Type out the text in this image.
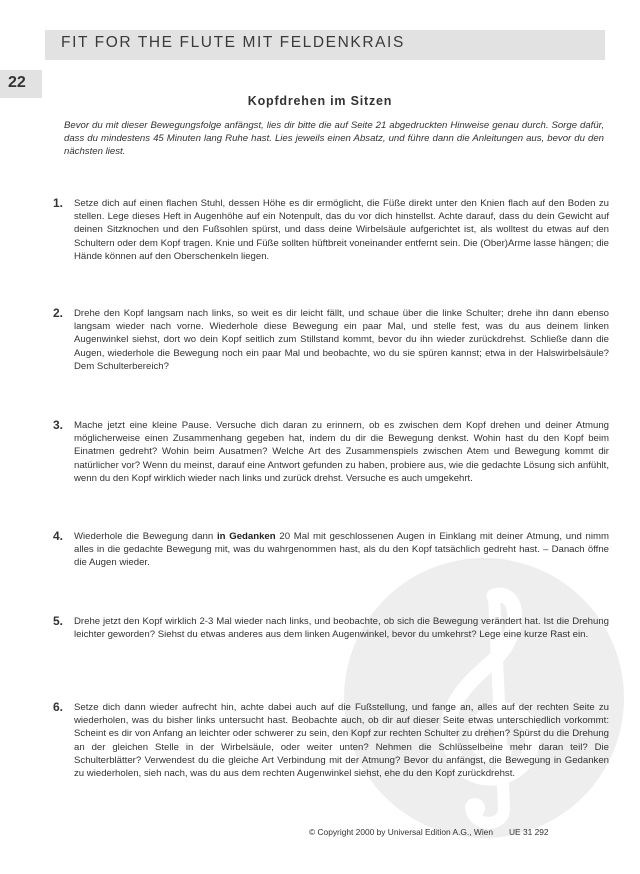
FIT FOR THE FLUTE MIT FELDENKRAIS
22
Kopfdrehen im Sitzen

Bevor du mit dieser Bewegungsfolge anfängst, lies dir bitte die auf Seite 21 abgedruckten Hinweise genau durch. Sorge dafür, dass du mindestens 45 Minuten lang Ruhe hast. Lies jeweils einen Absatz, und führe dann die Anleitungen aus, bevor du den nächsten liest.

1. Setze dich auf einen flachen Stuhl, dessen Höhe es dir ermöglicht, die Füße direkt unter den Knien flach auf den Boden zu stellen. Lege dieses Heft in Augenhöhe auf ein Notenpult, das du vor dich hinstellst. Achte darauf, dass du dein Gewicht auf deinen Sitzknochen und den Fußsohlen spürst, und dass deine Wirbelsäule aufgerichtet ist, als wolltest du etwas auf den Schultern oder dem Kopf tragen. Knie und Füße sollten hüftbreit voneinander entfernt sein. Die (Ober)Arme lasse hängen; die Hände können auf den Oberschenkeln liegen.

2. Drehe den Kopf langsam nach links, so weit es dir leicht fällt, und schaue über die linke Schulter; drehe ihn dann ebenso langsam wieder nach vorne. Wiederhole diese Bewegung ein paar Mal, und stelle fest, was du aus deinem linken Augenwinkel siehst, dort wo dein Kopf seitlich zum Stillstand kommt, bevor du ihn wieder zurückdrehst. Schließe dann die Augen, wiederhole die Bewegung noch ein paar Mal und beobachte, wo du sie spüren kannst; etwa in der Halswirbelsäule? Dem Schulterbereich?

3. Mache jetzt eine kleine Pause. Versuche dich daran zu erinnern, ob es zwischen dem Kopf drehen und deiner Atmung möglicherweise einen Zusammenhang gegeben hat, indem du dir die Bewegung denkst. Wohin hast du den Kopf beim Einatmen gedreht? Wohin beim Ausatmen? Welche Art des Zusammenspiels zwischen Atem und Bewegung kommt dir natürlicher vor? Wenn du meinst, darauf eine Antwort gefunden zu haben, probiere aus, wie die gedachte Lösung sich anfühlt, wenn du den Kopf wirklich wieder nach links und zurück drehst. Versuche es auch umgekehrt.

4. Wiederhole die Bewegung dann in Gedanken 20 Mal mit geschlossenen Augen in Einklang mit deiner Atmung, und nimm alles in die gedachte Bewegung mit, was du wahrgenommen hast, als du den Kopf tatsächlich gedreht hast. – Danach öffne die Augen wieder.

5. Drehe jetzt den Kopf wirklich 2-3 Mal wieder nach links, und beobachte, ob sich die Bewegung verändert hat. Ist die Drehung leichter geworden? Siehst du etwas anderes aus dem linken Augenwinkel, bevor du umkehrst? Lege eine kurze Rast ein.

6. Setze dich dann wieder aufrecht hin, achte dabei auch auf die Fußstellung, und fange an, alles auf der rechten Seite zu wiederholen, was du bisher links untersucht hast. Beobachte auch, ob dir auf dieser Seite etwas unterschiedlich vorkommt: Scheint es dir von Anfang an leichter oder schwerer zu sein, den Kopf zur rechten Schulter zu drehen? Spürst du die Drehung an der gleichen Stelle in der Wirbelsäule, oder weiter unten? Nehmen die Schlüsselbeine mehr daran teil? Die Schulterblätter? Verwendest du die gleiche Art Verbindung mit der Atmung? Bevor du anfängst, die Bewegung in Gedanken zu wiederholen, sieh nach, was du aus dem rechten Augenwinkel siehst, ehe du den Kopf zurückdrehst.

© Copyright 2000 by Universal Edition A.G., Wien UE 31 292
